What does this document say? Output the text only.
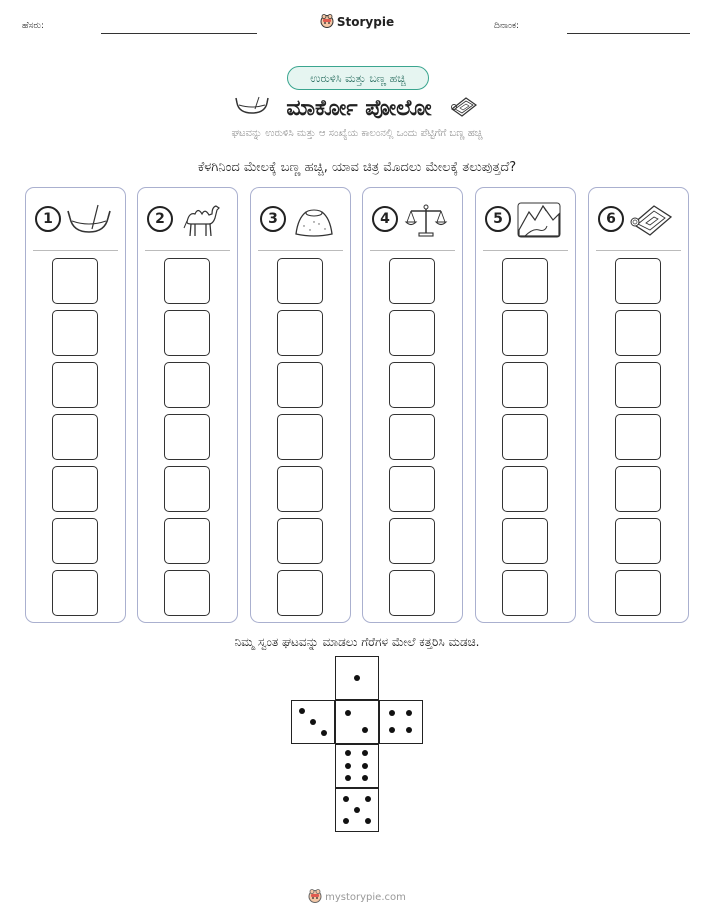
ಹೆಸರು:	Storypie	ದಿನಾಂಕ:
ಉರುಳಿಸಿ ಮತ್ತು ಬಣ್ಣ ಹಚ್ಚಿ
ಮಾರ್ಕೋ ಪೋಲೋ
ಘಟವನ್ನು ಉರುಳಿಸಿ ಮತ್ತು ಆ ಸಂಖ್ಯೆಯ ಕಾಲಂನಲ್ಲಿ ಒಂದು ಪೆಟ್ಟಿಗೆಗೆ ಬಣ್ಣ ಹಚ್ಚಿ
ಕೆಳಗಿನಿಂದ ಮೇಲಕ್ಕೆ ಬಣ್ಣ ಹಚ್ಚಿ, ಯಾವ ಚಿತ್ರ ಮೊದಲು ಮೇಲಕ್ಕೆ ತಲುಪುತ್ತದೆ?
1	2	3	4	5	6
ನಿಮ್ಮ ಸ್ವಂತ ಘಟವನ್ನು ಮಾಡಲು ಗೆರೆಗಳ ಮೇಲೆ ಕತ್ತರಿಸಿ ಮಡಚಿ.
mystorypie.com
